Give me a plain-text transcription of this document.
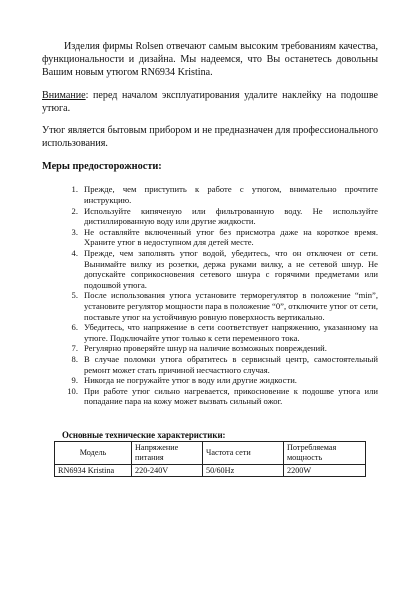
Изделия фирмы Rolsen отвечают самым высоким требованиям качества, функциональности и дизайна. Мы надеемся, что Вы останетесь довольны Вашим новым утюгом RN6934 Kristina.

Внимание: перед началом эксплуатирования удалите наклейку на подошве утюга.

Утюг является бытовым прибором и не предназначен для профессионального использования.

Меры предосторожности:

1. Прежде, чем приступить к работе с утюгом, внимательно прочтите инструкцию.
2. Используйте кипяченую или фильтрованную воду. Не используйте дистиллированную воду или другие жидкости.
3. Не оставляйте включенный утюг без присмотра даже на короткое время. Храните утюг в недоступном для детей месте.
4. Прежде, чем заполнять утюг водой, убедитесь, что он отключен от сети. Вынимайте вилку из розетки, держа руками вилку, а не сетевой шнур. Не допускайте соприкосновения сетевого шнура с горячими предметами или подошвой утюга.
5. После использования утюга установите терморегулятор в положение “min”, установите регулятор мощности пара в положение “0”, отключите утюг от сети, поставьте утюг на устойчивую ровную поверхность вертикально.
6. Убедитесь, что напряжение в сети соответствует напряжению, указанному на утюге. Подключайте утюг только к сети переменного тока.
7. Регулярно проверяйте шнур на наличие возможных повреждений.
8. В случае поломки утюга обратитесь в сервисный центр, самостоятельный ремонт может стать причиной несчастного случая.
9. Никогда не погружайте утюг в воду или другие жидкости.
10. При работе утюг сильно нагревается, прикосновение к подошве утюга или попадание пара на кожу может вызвать сильный ожог.
Основные технические характеристики:
Модель	Напряжение питания	Частота сети	Потребляемая мощность
RN6934 Kristina	220-240V	50/60Hz	2200W
